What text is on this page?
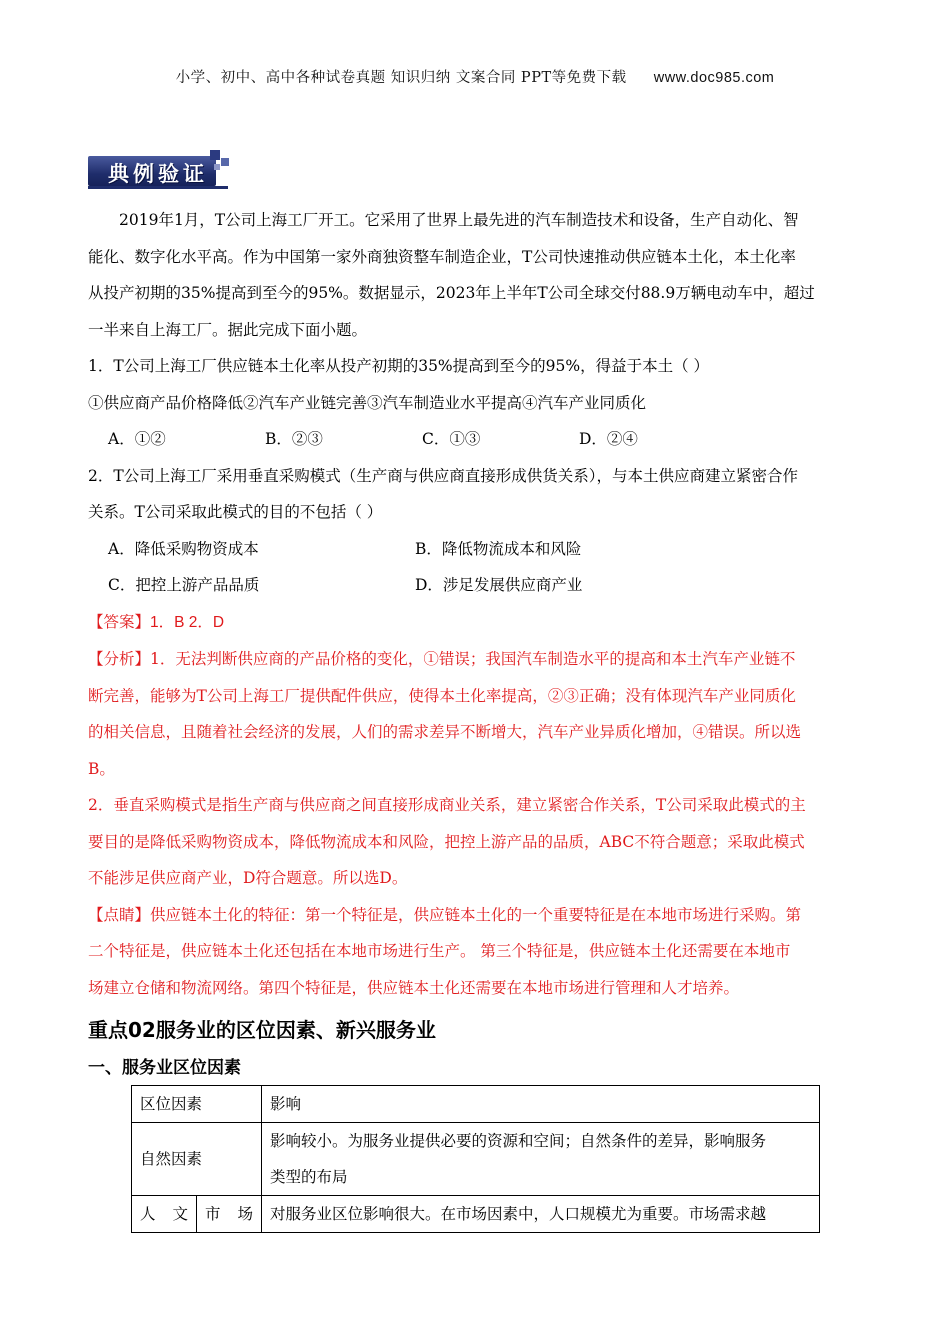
小学、初中、高中各种试卷真题 知识归纳 文案合同 PPT等免费下载 www.doc985.com
典例验证

2019年1月，T公司上海工厂开工。它采用了世界上最先进的汽车制造技术和设备，生产自动化、智

能化、数字化水平高。作为中国第一家外商独资整车制造企业，T公司快速推动供应链本土化，本土化率

从投产初期的35%提高到至今的95%。数据显示，2023年上半年T公司全球交付88.9万辆电动车中，超过

一半来自上海工厂。据此完成下面小题。

1．T公司上海工厂供应链本土化率从投产初期的35%提高到至今的95%，得益于本土（ ）

①供应商产品价格降低②汽车产业链完善③汽车制造业水平提高④汽车产业同质化

A．①②	B．②③	C．①③	D．②④

2．T公司上海工厂采用垂直采购模式（生产商与供应商直接形成供货关系），与本土供应商建立紧密合作

关系。T公司采取此模式的目的不包括（ ）

A．降低采购物资成本	B．降低物流成本和风险
C．把控上游产品品质	D．涉足发展供应商产业

【答案】1．B 2．D

【分析】1．无法判断供应商的产品价格的变化，①错误；我国汽车制造水平的提高和本土汽车产业链不

断完善，能够为T公司上海工厂提供配件供应，使得本土化率提高，②③正确；没有体现汽车产业同质化

的相关信息，且随着社会经济的发展，人们的需求差异不断增大，汽车产业异质化增加，④错误。所以选

B。

2．垂直采购模式是指生产商与供应商之间直接形成商业关系，建立紧密合作关系，T公司采取此模式的主

要目的是降低采购物资成本，降低物流成本和风险，把控上游产品的品质，ABC不符合题意；采取此模式

不能涉足供应商产业，D符合题意。所以选D。

【点睛】供应链本土化的特征：第一个特征是，供应链本土化的一个重要特征是在本地市场进行采购。第

二个特征是，供应链本土化还包括在本地市场进行生产。 第三个特征是，供应链本土化还需要在本地市

场建立仓储和物流网络。第四个特征是，供应链本土化还需要在本地市场进行管理和人才培养。

重点02服务业的区位因素、新兴服务业
一、服务业区位因素
区位因素		影响
自然因素		影响较小。为服务业提供必要的资源和空间；自然条件的差异，影响服务
类型的布局

人 文	市 场	对服务业区位影响很大。在市场因素中，人口规模尤为重要。市场需求越
